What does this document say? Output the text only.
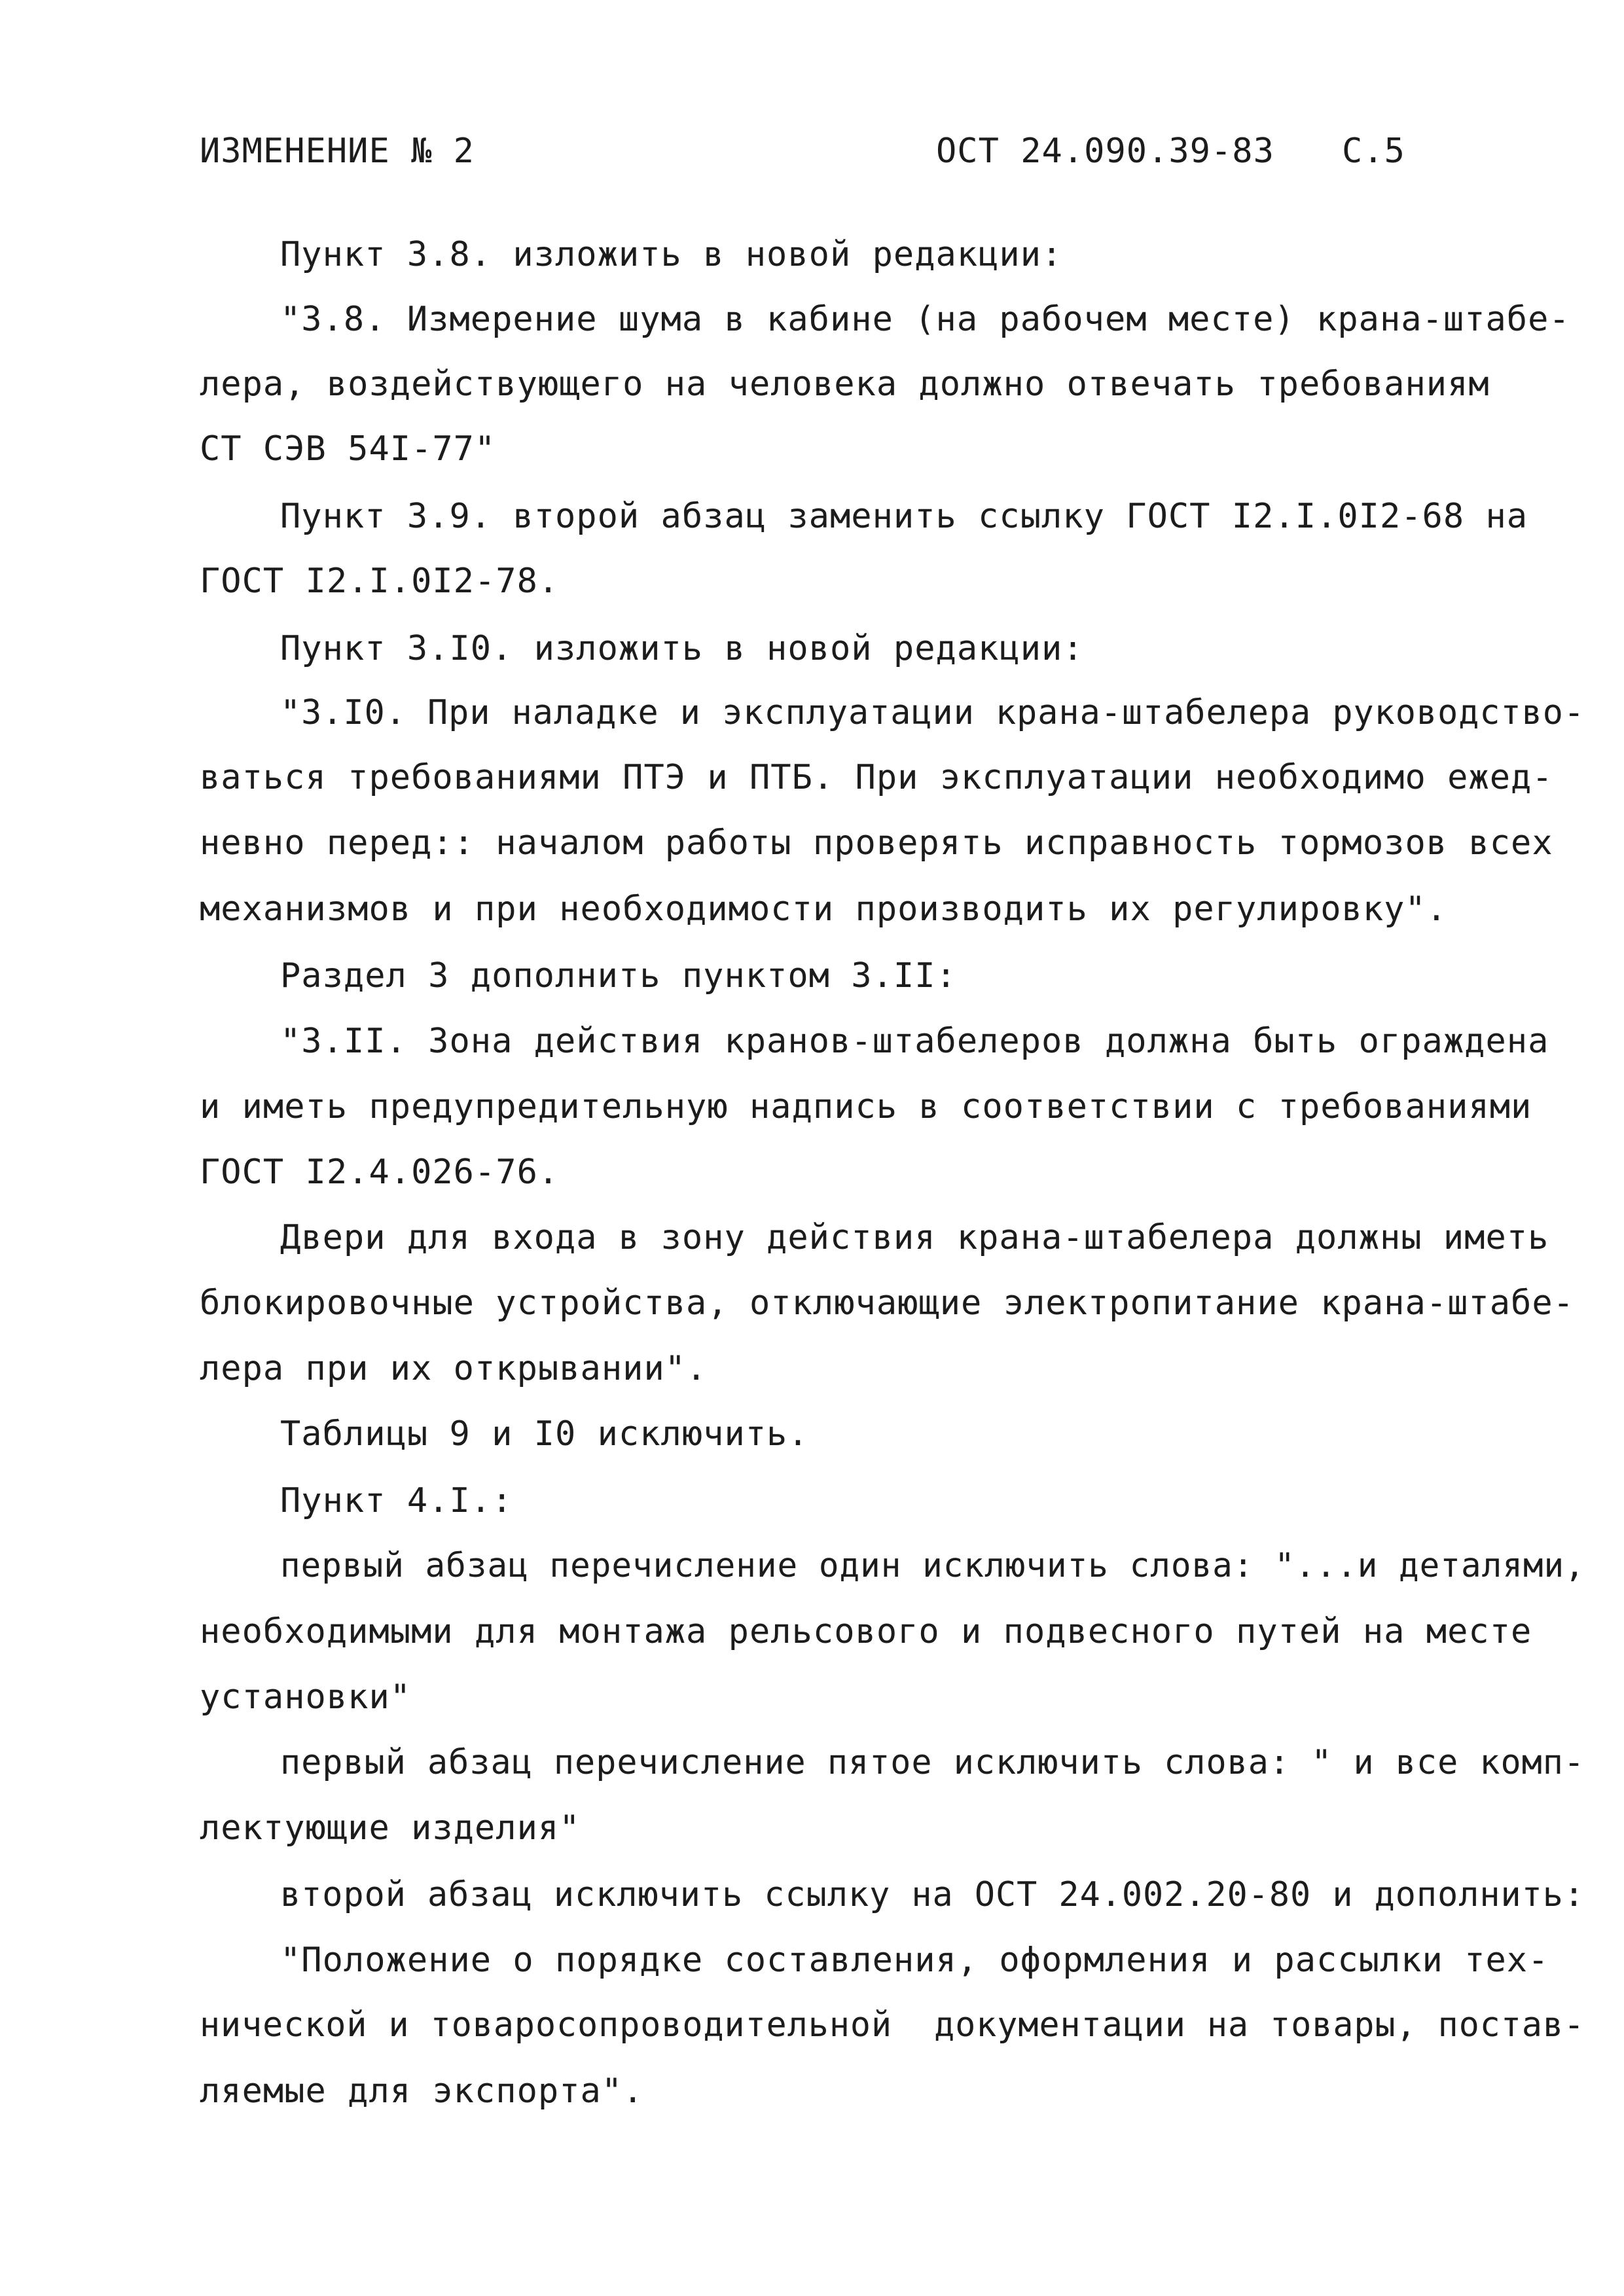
ИЗМЕНЕНИЕ № 2	ОСТ 24.090.39-83 С.5
Пункт 3.8. изложить в новой редакции:
"3.8. Измерение шума в кабине (на рабочем месте) крана-штабе-
лера, воздействующего на человека должно отвечать требованиям
СТ СЭВ 54I-77"
Пункт 3.9. второй абзац заменить ссылку ГОСТ I2.I.0I2-68 на
ГОСТ I2.I.0I2-78.
Пункт 3.I0. изложить в новой редакции:
"3.I0. При наладке и эксплуатации крана-штабелера руководство-
ваться требованиями ПТЭ и ПТБ. При эксплуатации необходимо ежед-
невно перед:: началом работы проверять исправность тормозов всех
механизмов и при необходимости производить их регулировку".
Раздел 3 дополнить пунктом 3.II:
"3.II. Зона действия кранов-штабелеров должна быть ограждена
и иметь предупредительную надпись в соответствии с требованиями
ГОСТ I2.4.026-76.
Двери для входа в зону действия крана-штабелера должны иметь
блокировочные устройства, отключающие электропитание крана-штабе-
лера при их открывании".
Таблицы 9 и I0 исключить.
Пункт 4.I.:
первый абзац перечисление один исключить слова: "...и деталями,
необходимыми для монтажа рельсового и подвесного путей на месте
установки"
первый абзац перечисление пятое исключить слова: " и все комп-
лектующие изделия"
второй абзац исключить ссылку на ОСТ 24.002.20-80 и дополнить:
"Положение о порядке составления, оформления и рассылки тех-
нической и товаросопроводительной  документации на товары, постав-
ляемые для экспорта".
